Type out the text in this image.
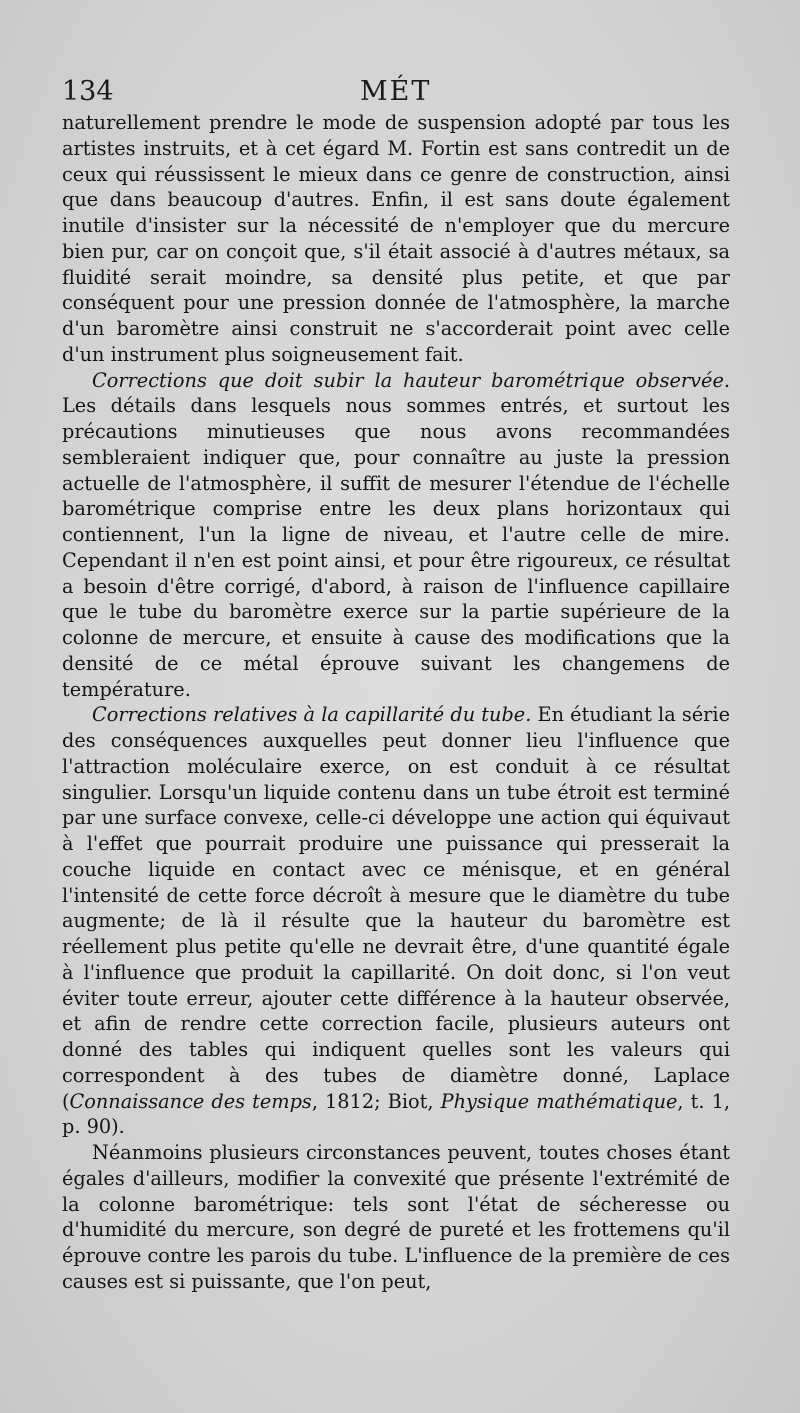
134	MÉT

naturellement prendre le mode de suspension adopté par tous les artistes instruits, et à cet égard M. Fortin est sans contredit un de ceux qui réussissent le mieux dans ce genre de construction, ainsi que dans beaucoup d'autres. Enfin, il est sans doute également inutile d'insister sur la nécessité de n'employer que du mercure bien pur, car on conçoit que, s'il était associé à d'autres métaux, sa fluidité serait moindre, sa densité plus petite, et que par conséquent pour une pression donnée de l'atmosphère, la marche d'un baromètre ainsi construit ne s'accorderait point avec celle d'un instrument plus soigneusement fait.

Corrections que doit subir la hauteur barométrique observée. Les détails dans lesquels nous sommes entrés, et surtout les précautions minutieuses que nous avons recommandées sembleraient indiquer que, pour connaître au juste la pression actuelle de l'atmosphère, il suffit de mesurer l'étendue de l'échelle barométrique comprise entre les deux plans horizontaux qui contiennent, l'un la ligne de niveau, et l'autre celle de mire. Cependant il n'en est point ainsi, et pour être rigoureux, ce résultat a besoin d'être corrigé, d'abord, à raison de l'influence capillaire que le tube du baromètre exerce sur la partie supérieure de la colonne de mercure, et ensuite à cause des modifications que la densité de ce métal éprouve suivant les changemens de température.

Corrections relatives à la capillarité du tube. En étudiant la série des conséquences auxquelles peut donner lieu l'influence que l'attraction moléculaire exerce, on est conduit à ce résultat singulier. Lorsqu'un liquide contenu dans un tube étroit est terminé par une surface convexe, celle-ci développe une action qui équivaut à l'effet que pourrait produire une puissance qui presserait la couche liquide en contact avec ce ménisque, et en général l'intensité de cette force décroît à mesure que le diamètre du tube augmente; de là il résulte que la hauteur du baromètre est réellement plus petite qu'elle ne devrait être, d'une quantité égale à l'influence que produit la capillarité. On doit donc, si l'on veut éviter toute erreur, ajouter cette différence à la hauteur observée, et afin de rendre cette correction facile, plusieurs auteurs ont donné des tables qui indiquent quelles sont les valeurs qui correspondent à des tubes de diamètre donné, Laplace (Connaissance des temps, 1812; Biot, Physique mathématique, t. 1, p. 90).

Néanmoins plusieurs circonstances peuvent, toutes choses étant égales d'ailleurs, modifier la convexité que présente l'extrémité de la colonne barométrique: tels sont l'état de sécheresse ou d'humidité du mercure, son degré de pureté et les frottemens qu'il éprouve contre les parois du tube. L'influence de la première de ces causes est si puissante, que l'on peut,
